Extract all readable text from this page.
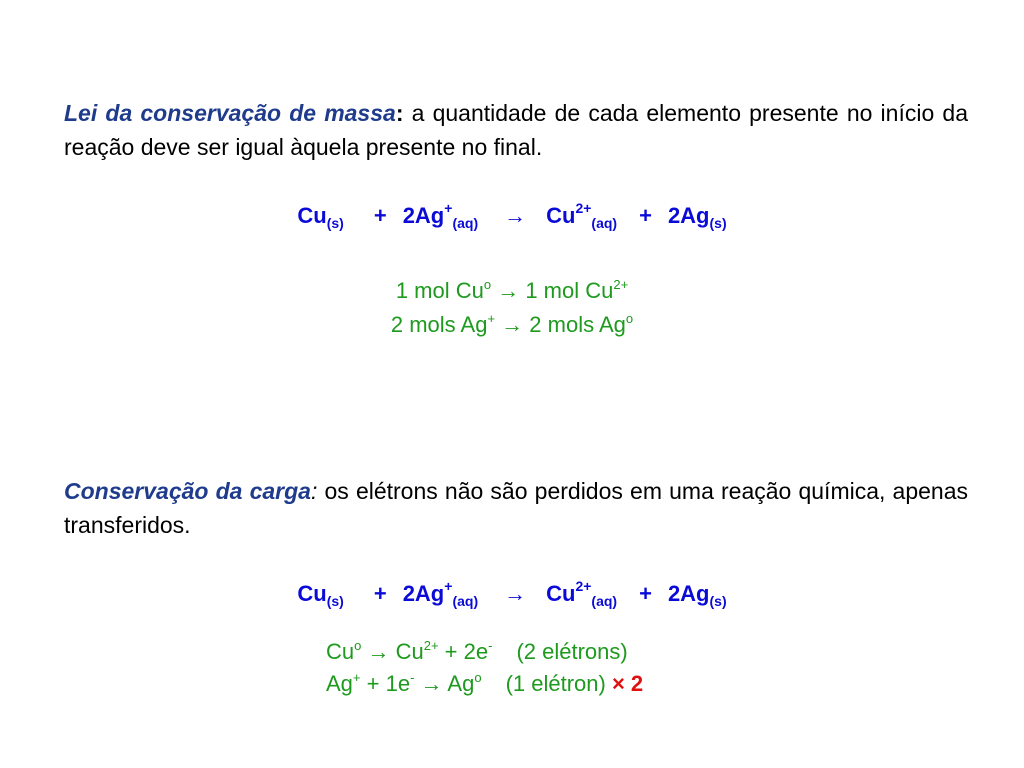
Lei da conservação de massa: a quantidade de cada elemento presente no início da reação deve ser igual àquela presente no final.
$Cu_{(s)} + 2Ag^+_{(aq)} \to Cu^{2+}_{(aq)} + 2Ag_{(s)}$
1 mol $Cu^o \to 1$ mol $Cu^{2+}$
2 mols Ag+ → 2 mols Ag$^o$
Conservação da carga: os elétrons não são perdidos em uma reação química, apenas transferidos.
$Cu_{(s)} + 2Ag^+_{(aq)} \to Cu^{2+}_{(aq)} + 2Ag_{(s)}$
$Cu^o \to Cu^{2+} + 2e^-$ (2 elétrons)
$Ag^+ + 1e^- \to Ag^o$ (1 elétron) × 2
